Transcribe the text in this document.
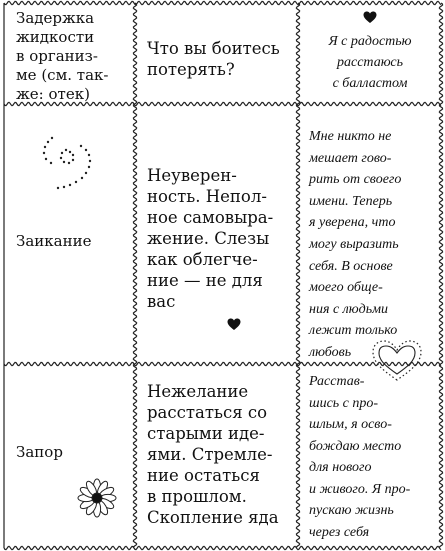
Задержка
жидкости
в организ-
ме (см. так-
же: отек)

Что вы боитесь
потерять?

Я с радостью
расстаюсь
с балластом

Заикание

Неуверен-
ность. Непол-
ное самовыра-
жение. Слезы
как облегче-
ние — не для
вас

Мне никто не
мешает гово-
рить от своего
имени. Теперь
я уверена, что
могу выразить
себя. В основе
моего обще-
ния с людьми
лежит только
любовь

Запор

Нежелание
расстаться со
старыми иде-
ями. Стремле-
ние остаться
в прошлом.
Скопление яда

Расстав-
шись с про-
шлым, я осво-
бождаю место
для нового
и живого. Я про-
пускаю жизнь
через себя
